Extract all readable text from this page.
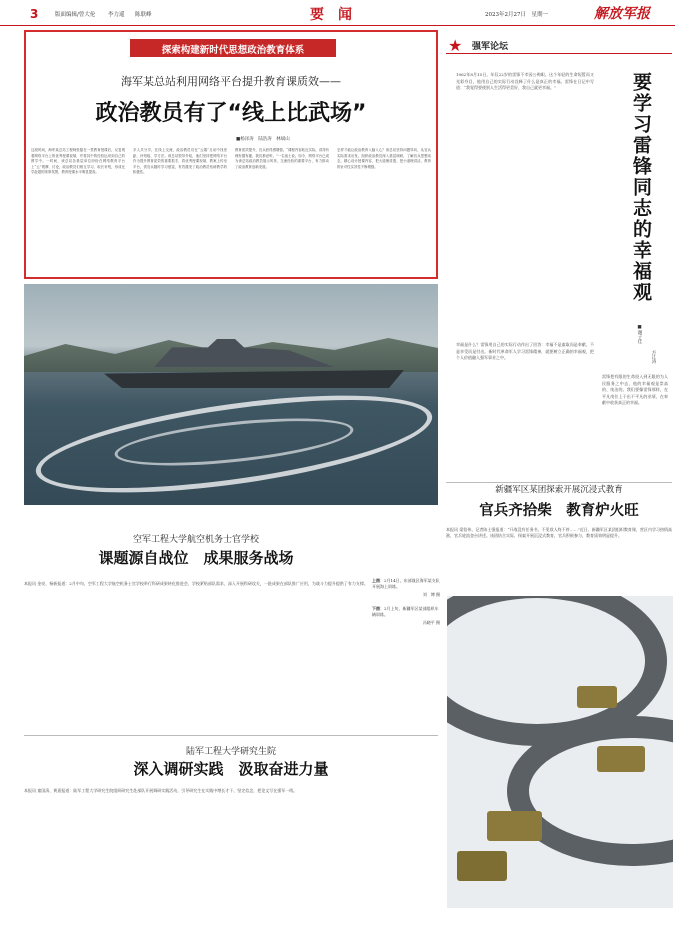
3	版面编辑/曾大伦 李力遥 陈联峰	要　闻	2023年2月27日　星期一	解放军报
探索构建新时代思想政治教育体系
海军某总站利用网络平台提升教育课质效——
政治教员有了“线上比武场”
■杨泽涛　陆浩涛　林斌山
这段时间，海军某总站工程师张磊在一堂教育授课后，反复观看网络平台上的优秀授课视频，并将其中的经验运用到自己的教学中。一时间，该总站各基层单位纷纷在网络教育平台上“云”观摩、讨论，政治教员们相互学习、取长补短，形成比学赶超的浓厚氛围，教育授课水平明显提高。
多人共分享，在线上交流，政治教员们在“云端”互动中找差距、补短板、学方法。该总站领导介绍，他们坚持把网络平台作为提升教育质效的重要抓手，将优秀授课视频、教案上传至平台，供官兵随时学习借鉴，有效激发了政治教员钻研教学的积极性。
教育质效提升，官兵获得感增强。“课程内容贴近实际，讲得有理有据有趣，我们都爱听。”一名战士说。如今，网络平台已成为该总站政治教员展示风采、交流经验的重要平台，有力推动了政治教育创新发展。
怎样才能让政治教育入脑入心？该总站坚持问题导向，从官兵实际需求出发，组织政治教员深入基层调研，了解官兵思想动态，精心设计授课内容，把大道理讲透、把小道理讲活，教育的针对性实效性不断增强。
★ 强军论坛
1962年8月15日，年仅22岁的雷锋不幸因公殉职。这个年轻的生命短暂而又光彩夺目，他用自己的实际行动诠释了什么是真正的幸福。雷锋在日记中写道：“我觉得要使别人生活得更美好，我自己就更幸福。”	要学习雷锋同志的幸福观
■谢子佳
方江涛
幸福是什么？雷锋用自己的实际行动作出了回答：幸福不是索取而是奉献，不是享受而是付出。新时代革命军人学习雷锋精神，就要树立正确的幸福观，把个人价值融入强军事业之中。
雷锋把有限的生命投入到无限的为人民服务之中去，他的幸福观是崇高的、纯洁的。我们要像雷锋那样，在平凡岗位上干出不平凡的业绩，在奉献中收获真正的幸福。
新疆军区某团探索开展沉浸式教育
官兵齐拾柴　教育炉火旺
本报讯 梁倍伟、记者陈士强报道：“开战没有任务书，不见敌人终不停……”近日，新疆军区某团组织教育课，营区内学习热情高涨，官兵轮流登台讲述。该团结合实际，探索开展沉浸式教育，官兵积极参与，教育质效明显提升。
空军工程大学航空机务士官学校
课题源自战位　成果服务战场
本报讯 金亮、杨新报道：2月中旬，空军工程大学航空机务士官学校举行科研成果转化推进会，学校紧贴部队需求，深入开展科研攻关，一批成果在部队推广应用，为战斗力提升提供了有力支撑。
上图：2月14日，东部战区海军某支队开展海上训练。
刘　博 摄
下图：2月上旬，新疆军区某部组织车辆训练。
冯晓平 摄
陆军工程大学研究生院
深入调研实践　汲取奋进力量
本报讯 童国清、黄嘉报道：陆军工程大学研究生院组织研究生赴部队开展调研实践活动，引导研究生在实践中增长才干、坚定信念，把论文写在强军一线。
